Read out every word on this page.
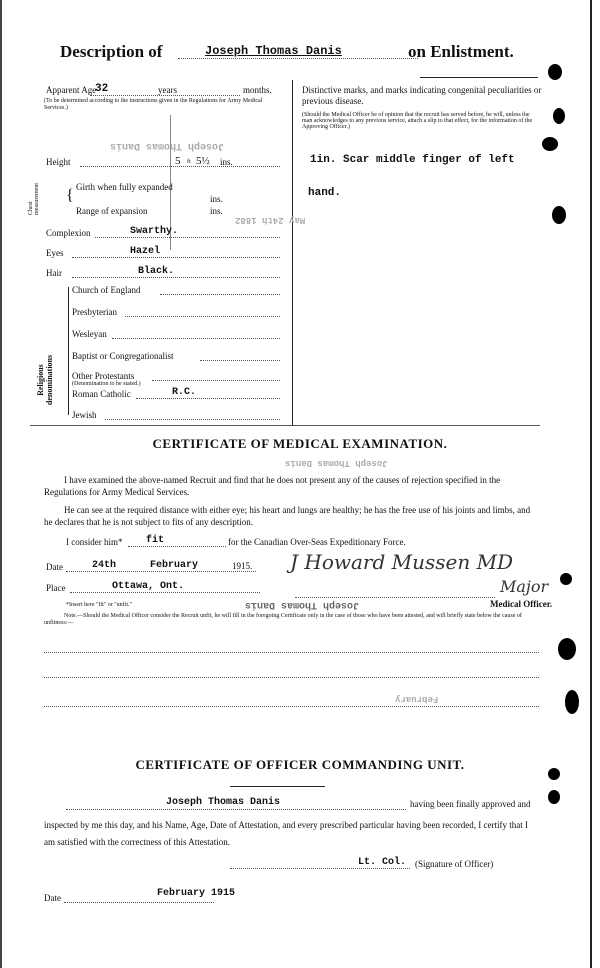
Description of	Joseph Thomas Danis	on Enlistment.
Apparent Age
32	years	months.
(To be determined according to the instructions given in the Regulations for Army Medical Services.)
Joseph Thomas Danis
Height	5 ft 5½ ins.
Chest measurement { Girth when fully expanded
ins.
Range of expansion	ins.
May 24th 1882
Complexion	Swarthy.
Eyes	Hazel
Hair	Black.
Religious denominations
Church of England
Presbyterian
Wesleyan
Baptist or Congregationalist
Other Protestants
(Denomination to be stated.)
Roman Catholic	R.C.
Jewish
Distinctive marks, and marks indicating congenital peculiarities or previous disease.
(Should the Medical Officer be of opinion that the recruit has served before, he will, unless the man acknowledges to any previous service, attach a slip to that effect, for the information of the Approving Officer.)
1in. Scar middle finger of left
hand.
CERTIFICATE OF MEDICAL EXAMINATION.
Joseph Thomas Danis
I have examined the above-named Recruit and find that he does not present any of the causes of rejection specified in the Regulations for Army Medical Services.
He can see at the required distance with either eye; his heart and lungs are healthy; he has the free use of his joints and limbs, and he declares that he is not subject to fits of any description.
I consider him* fit	for the Canadian Over-Seas Expeditionary Force.
Date	24th	February	1915.
Place	Ottawa, Ont.
J Howard Mussen MD
Major
Medical Officer.
*Insert here "fit" or "unfit."	Joseph Thomas Danis
Note.—Should the Medical Officer consider the Recruit unfit, he will fill in the foregoing Certificate only in the case of those who have been attested, and will briefly state below the cause of unfitness:—
February
CERTIFICATE OF OFFICER COMMANDING UNIT.
Joseph Thomas Danis	having been finally approved and
inspected by me this day, and his Name, Age, Date of Attestation, and every prescribed particular having been recorded, I certify that I am satisfied with the correctness of this Attestation.
Lt. Col. (Signature of Officer)
Date	February 1915
